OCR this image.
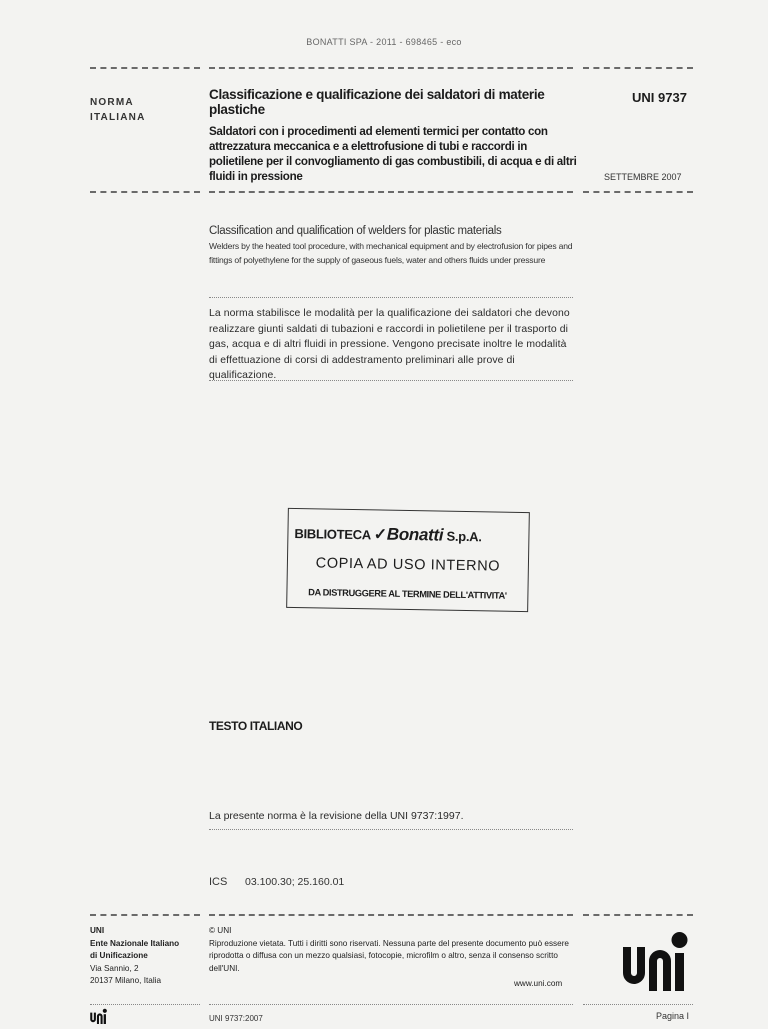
BONATTI SPA - 2011 - 698465 - eco
NORMA
ITALIANA
Classificazione e qualificazione dei saldatori di materie plastiche
Saldatori con i procedimenti ad elementi termici per contatto con attrezzatura meccanica e a elettrofusione di tubi e raccordi in polietilene per il convogliamento di gas combustibili, di acqua e di altri fluidi in pressione
UNI 9737
SETTEMBRE 2007
Classification and qualification of welders for plastic materials
Welders by the heated tool procedure, with mechanical equipment and by electrofusion for pipes and fittings of polyethylene for the supply of gaseous fuels, water and others fluids under pressure
La norma stabilisce le modalità per la qualificazione dei saldatori che devono realizzare giunti saldati di tubazioni e raccordi in polietilene per il trasporto di gas, acqua e di altri fluidi in pressione. Vengono precisate inoltre le modalità di effettuazione di corsi di addestramento preliminari alle prove di qualificazione.
BIBLIOTECA ✓Bonatti S.p.A.
COPIA AD USO INTERNO
DA DISTRUGGERE AL TERMINE DELL'ATTIVITA'
TESTO ITALIANO
La presente norma è la revisione della UNI 9737:1997.
ICS 03.100.30; 25.160.01
UNI
Ente Nazionale Italiano
di Unificazione
Via Sannio, 2
20137 Milano, Italia
© UNI
Riproduzione vietata. Tutti i diritti sono riservati. Nessuna parte del presente documento può essere riprodotta o diffusa con un mezzo qualsiasi, fotocopie, microfilm o altro, senza il consenso scritto dell'UNI.
www.uni.com
UNI 9737:2007	Pagina I
